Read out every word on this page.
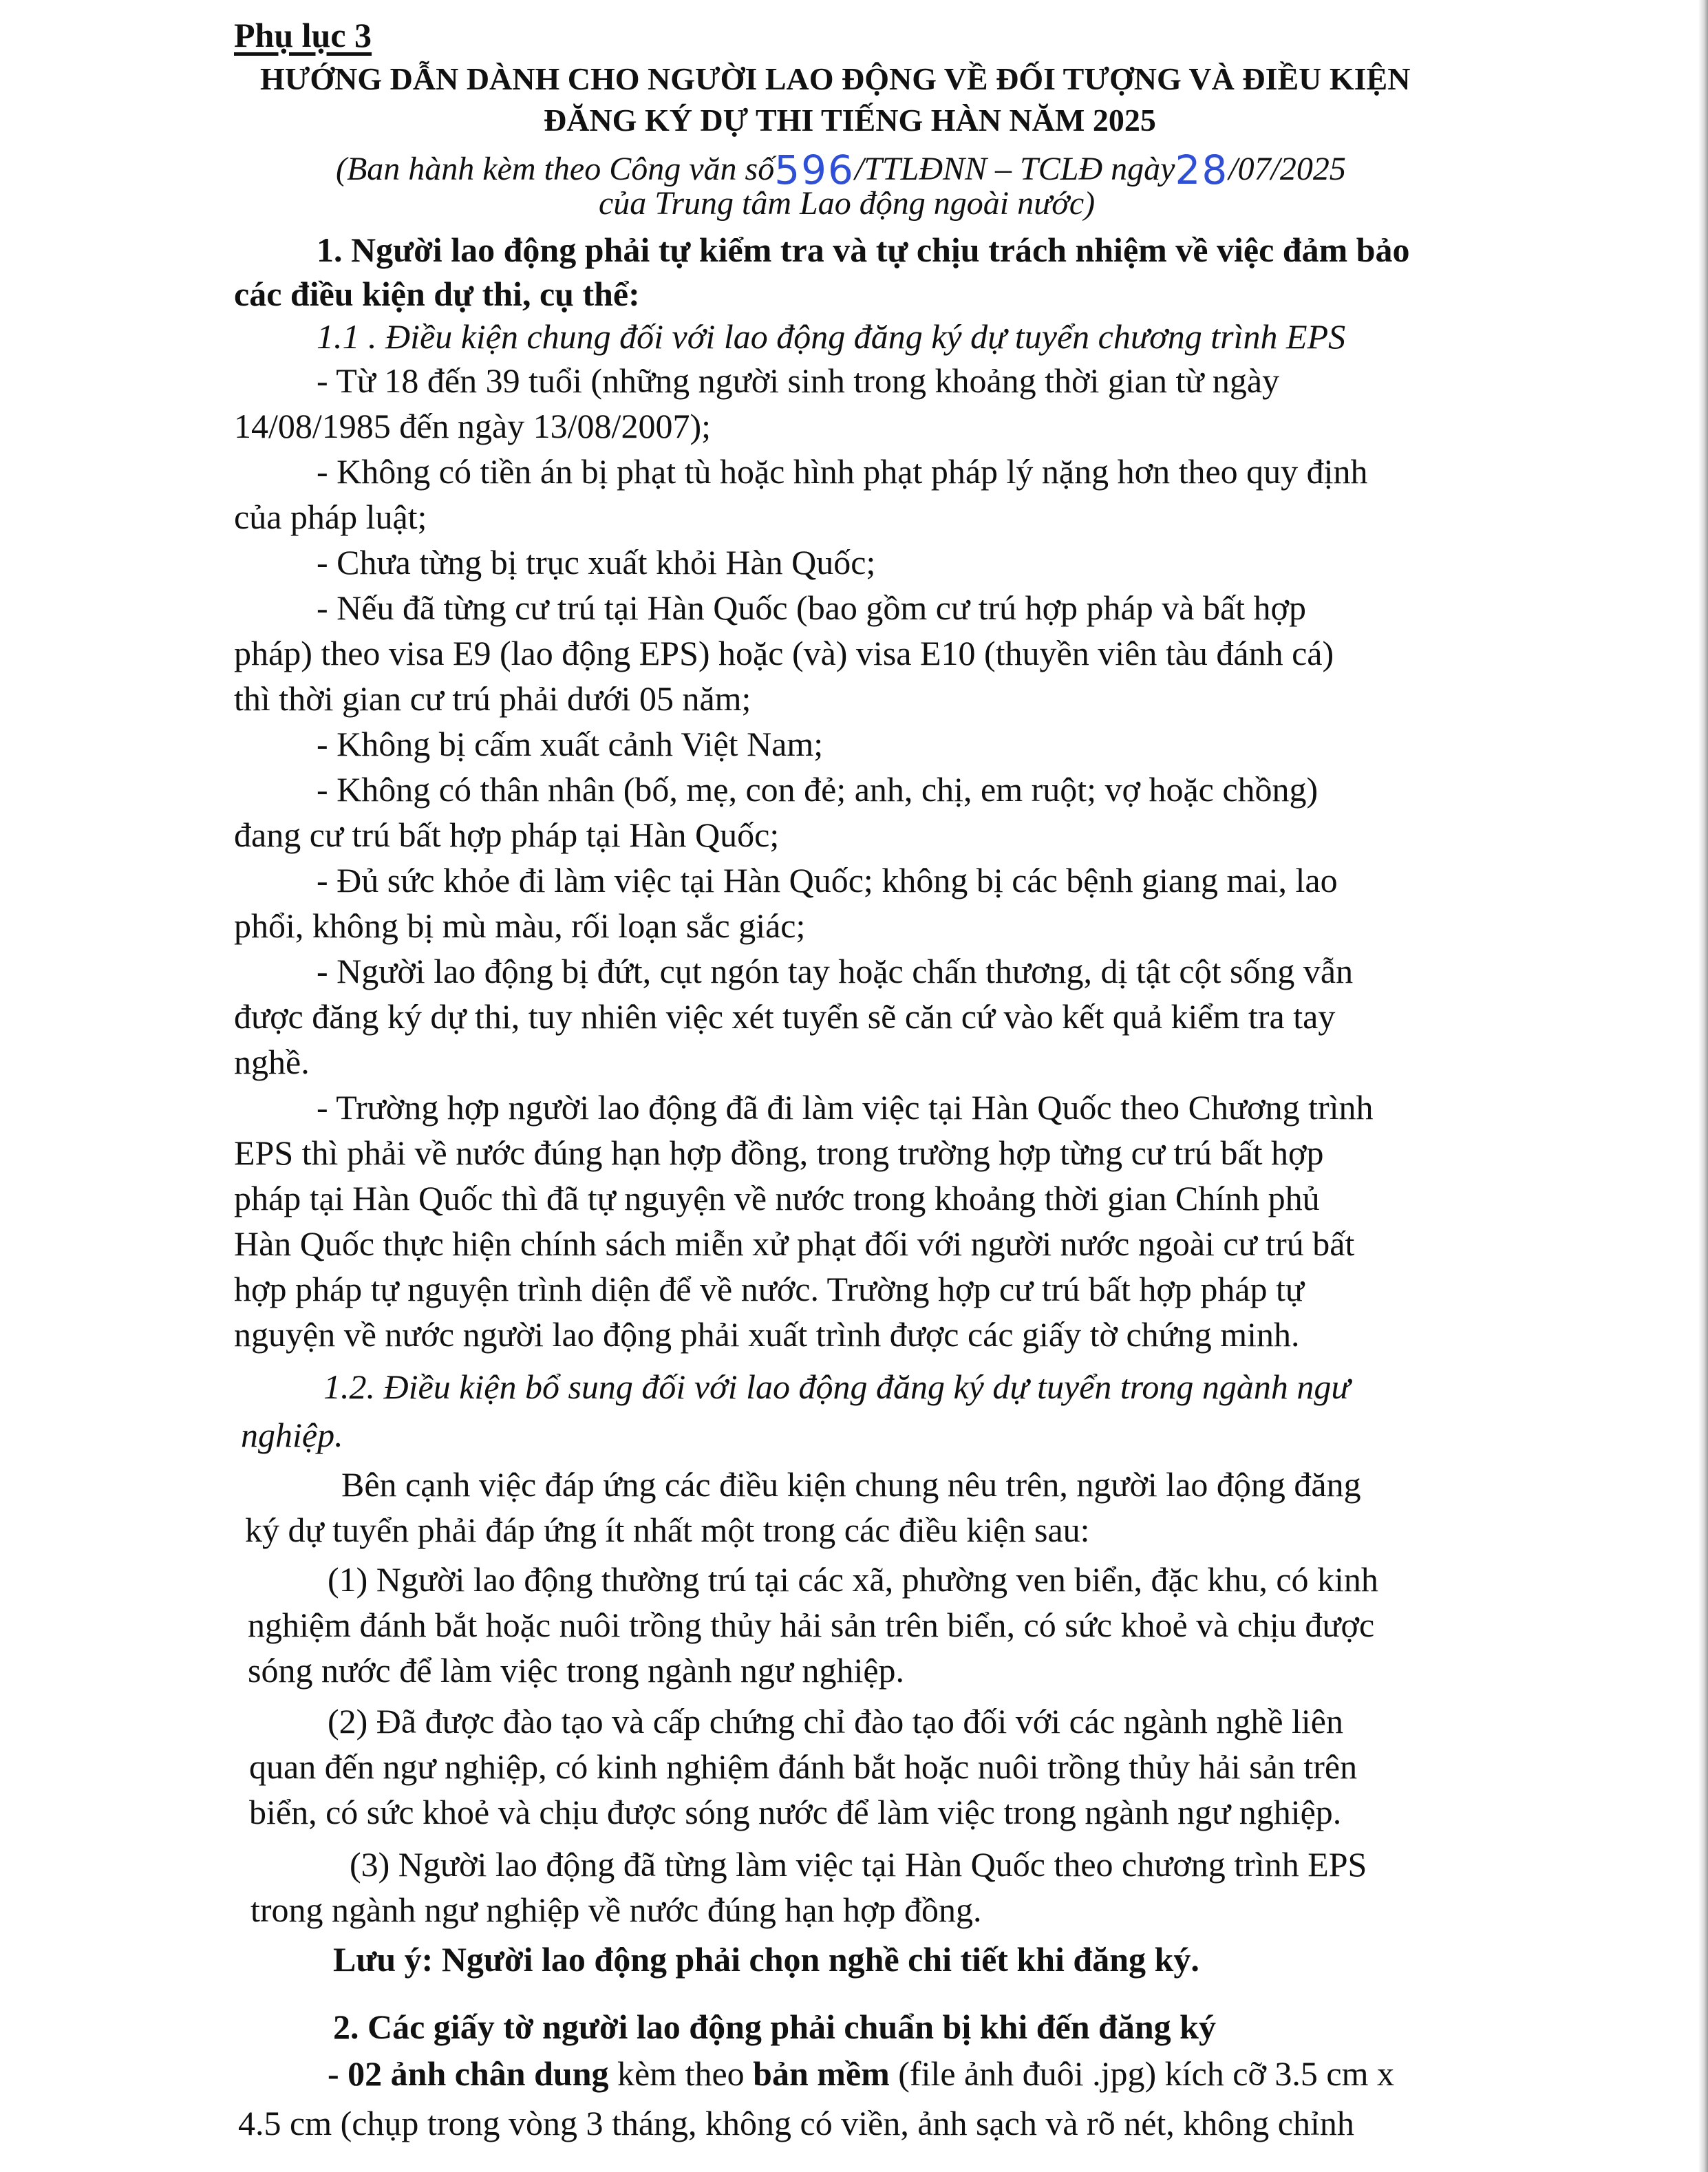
Phụ lục 3
HƯỚNG DẪN DÀNH CHO NGƯỜI LAO ĐỘNG VỀ ĐỐI TƯỢNG VÀ ĐIỀU KIỆN
ĐĂNG KÝ DỰ THI TIẾNG HÀN NĂM 2025
(Ban hành kèm theo Công văn số596/TTLĐNN – TCLĐ ngày28/07/2025
của Trung tâm Lao động ngoài nước)
1. Người lao động phải tự kiểm tra và tự chịu trách nhiệm về việc đảm bảo
các điều kiện dự thi, cụ thể:
1.1 . Điều kiện chung đối với lao động đăng ký dự tuyển chương trình EPS
- Từ 18 đến 39 tuổi (những người sinh trong khoảng thời gian từ ngày
14/08/1985 đến ngày 13/08/2007);
- Không có tiền án bị phạt tù hoặc hình phạt pháp lý nặng hơn theo quy định
của pháp luật;
- Chưa từng bị trục xuất khỏi Hàn Quốc;
- Nếu đã từng cư trú tại Hàn Quốc (bao gồm cư trú hợp pháp và bất hợp
pháp) theo visa E9 (lao động EPS) hoặc (và) visa E10 (thuyền viên tàu đánh cá)
thì thời gian cư trú phải dưới 05 năm;
- Không bị cấm xuất cảnh Việt Nam;
- Không có thân nhân (bố, mẹ, con đẻ; anh, chị, em ruột; vợ hoặc chồng)
đang cư trú bất hợp pháp tại Hàn Quốc;
- Đủ sức khỏe đi làm việc tại Hàn Quốc; không bị các bệnh giang mai, lao
phổi, không bị mù màu, rối loạn sắc giác;
- Người lao động bị đứt, cụt ngón tay hoặc chấn thương, dị tật cột sống vẫn
được đăng ký dự thi, tuy nhiên việc xét tuyển sẽ căn cứ vào kết quả kiểm tra tay
nghề.
- Trường hợp người lao động đã đi làm việc tại Hàn Quốc theo Chương trình
EPS thì phải về nước đúng hạn hợp đồng, trong trường hợp từng cư trú bất hợp
pháp tại Hàn Quốc thì đã tự nguyện về nước trong khoảng thời gian Chính phủ
Hàn Quốc thực hiện chính sách miễn xử phạt đối với người nước ngoài cư trú bất
hợp pháp tự nguyện trình diện để về nước. Trường hợp cư trú bất hợp pháp tự
nguyện về nước người lao động phải xuất trình được các giấy tờ chứng minh.
1.2. Điều kiện bổ sung đối với lao động đăng ký dự tuyển trong ngành ngư
nghiệp.
Bên cạnh việc đáp ứng các điều kiện chung nêu trên, người lao động đăng
ký dự tuyển phải đáp ứng ít nhất một trong các điều kiện sau:
(1) Người lao động thường trú tại các xã, phường ven biển, đặc khu, có kinh
nghiệm đánh bắt hoặc nuôi trồng thủy hải sản trên biển, có sức khoẻ và chịu được
sóng nước để làm việc trong ngành ngư nghiệp.
(2) Đã được đào tạo và cấp chứng chỉ đào tạo đối với các ngành nghề liên
quan đến ngư nghiệp, có kinh nghiệm đánh bắt hoặc nuôi trồng thủy hải sản trên
biển, có sức khoẻ và chịu được sóng nước để làm việc trong ngành ngư nghiệp.
(3) Người lao động đã từng làm việc tại Hàn Quốc theo chương trình EPS
trong ngành ngư nghiệp về nước đúng hạn hợp đồng.
Lưu ý: Người lao động phải chọn nghề chi tiết khi đăng ký.
2. Các giấy tờ người lao động phải chuẩn bị khi đến đăng ký
- 02 ảnh chân dung kèm theo bản mềm (file ảnh đuôi .jpg) kích cỡ 3.5 cm x
4.5 cm (chụp trong vòng 3 tháng, không có viền, ảnh sạch và rõ nét, không chỉnh
